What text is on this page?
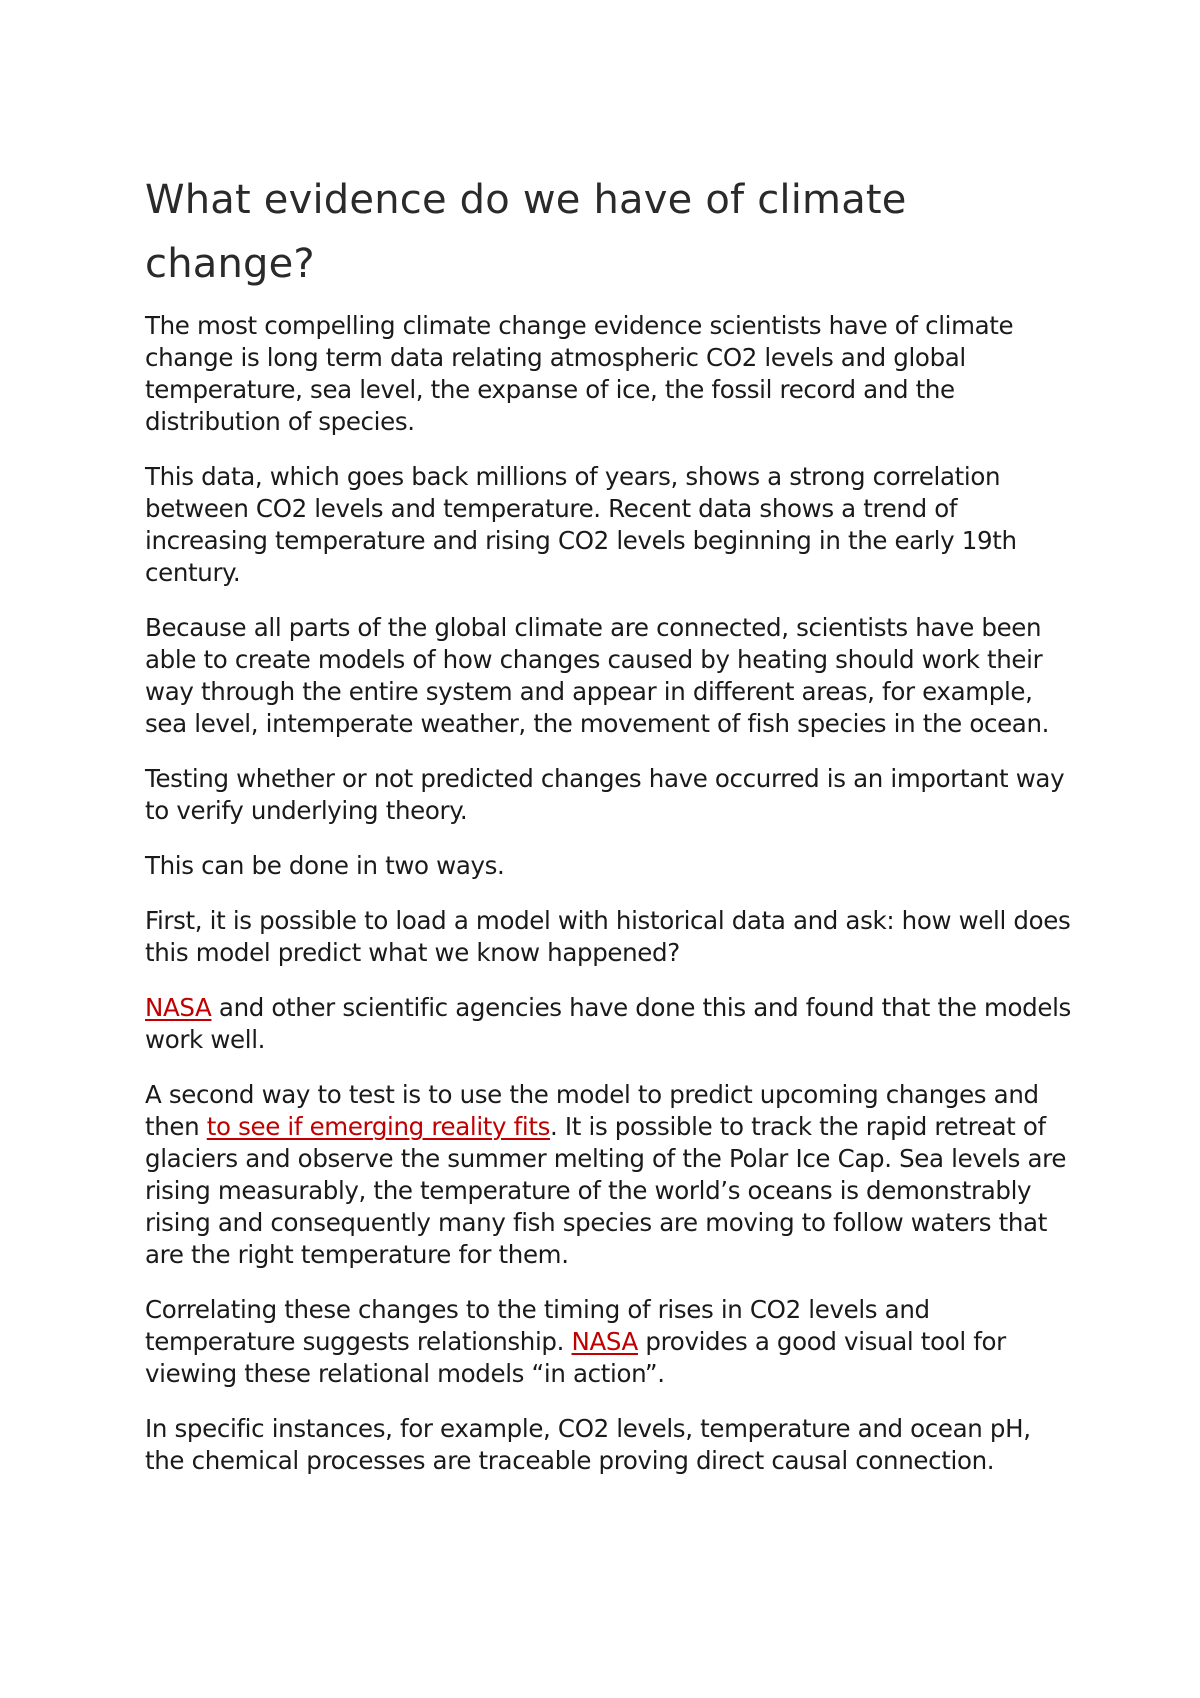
What evidence do we have of climate change?

The most compelling climate change evidence scientists have of climate change is long term data relating atmospheric CO2 levels and global temperature, sea level, the expanse of ice, the fossil record and the distribution of species.

This data, which goes back millions of years, shows a strong correlation between CO2 levels and temperature. Recent data shows a trend of increasing temperature and rising CO2 levels beginning in the early 19th century.

Because all parts of the global climate are connected, scientists have been able to create models of how changes caused by heating should work their way through the entire system and appear in different areas, for example, sea level, intemperate weather, the movement of fish species in the ocean.

Testing whether or not predicted changes have occurred is an important way to verify underlying theory.

This can be done in two ways.

First, it is possible to load a model with historical data and ask: how well does this model predict what we know happened?

NASA and other scientific agencies have done this and found that the models work well.

A second way to test is to use the model to predict upcoming changes and then to see if emerging reality fits. It is possible to track the rapid retreat of glaciers and observe the summer melting of the Polar Ice Cap. Sea levels are rising measurably, the temperature of the world’s oceans is demonstrably rising and consequently many fish species are moving to follow waters that are the right temperature for them.

Correlating these changes to the timing of rises in CO2 levels and temperature suggests relationship. NASA provides a good visual tool for viewing these relational models “in action”.

In specific instances, for example, CO2 levels, temperature and ocean pH, the chemical processes are traceable proving direct causal connection.
